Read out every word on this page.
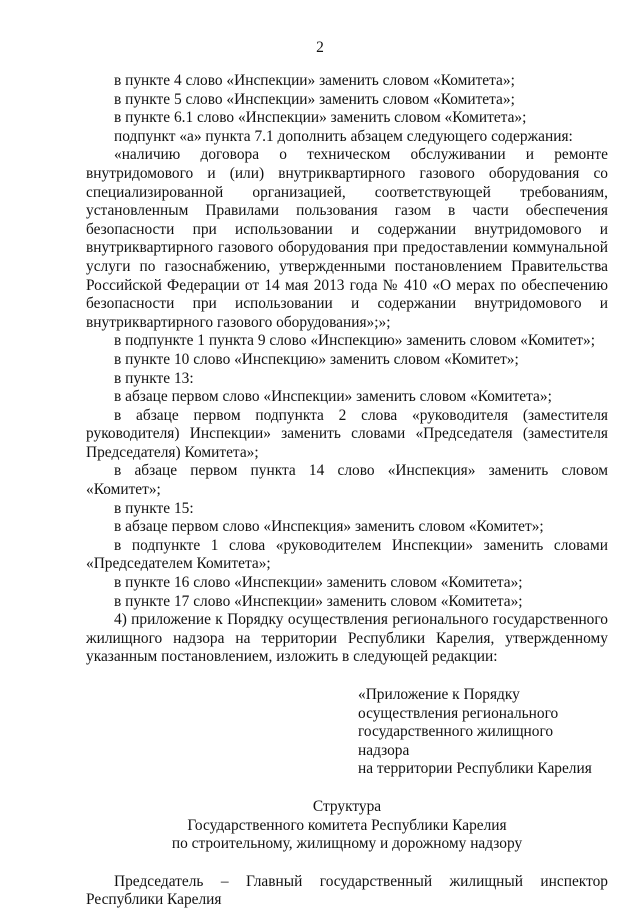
2

в пункте 4 слово «Инспекции» заменить словом «Комитета»;

в пункте 5 слово «Инспекции» заменить словом «Комитета»;

в пункте 6.1 слово «Инспекции» заменить словом «Комитета»;

подпункт «а» пункта 7.1 дополнить абзацем следующего содержания:

«наличию договора о техническом обслуживании и ремонте внутридомового и (или) внутриквартирного газового оборудования со специализированной организацией, соответствующей требованиям, установленным Правилами пользования газом в части обеспечения безопасности при использовании и содержании внутридомового и внутриквартирного газового оборудования при предоставлении коммунальной услуги по газоснабжению, утвержденными постановлением Правительства Российской Федерации от 14 мая 2013 года № 410 «О мерах по обеспечению безопасности при использовании и содержании внутридомового и внутриквартирного газового оборудования»;»;

в подпункте 1 пункта 9 слово «Инспекцию» заменить словом «Комитет»;

в пункте 10 слово «Инспекцию» заменить словом «Комитет»;

в пункте 13:

в абзаце первом слово «Инспекции» заменить словом «Комитета»;

в абзаце первом подпункта 2 слова «руководителя (заместителя руководителя) Инспекции» заменить словами «Председателя (заместителя Председателя) Комитета»;

в абзаце первом пункта 14 слово «Инспекция» заменить словом «Комитет»;

в пункте 15:

в абзаце первом слово «Инспекция» заменить словом «Комитет»;

в подпункте 1 слова «руководителем Инспекции» заменить словами «Председателем Комитета»;

в пункте 16 слово «Инспекции» заменить словом «Комитета»;

в пункте 17 слово «Инспекции» заменить словом «Комитета»;

4) приложение к Порядку осуществления регионального государственного жилищного надзора на территории Республики Карелия, утвержденному указанным постановлением, изложить в следующей редакции:

«Приложение к Порядку

осуществления регионального

государственного жилищного надзора

на территории Республики Карелия

Структура

Государственного комитета Республики Карелия

по строительному, жилищному и дорожному надзору

Председатель – Главный государственный жилищный инспектор Республики Карелия
